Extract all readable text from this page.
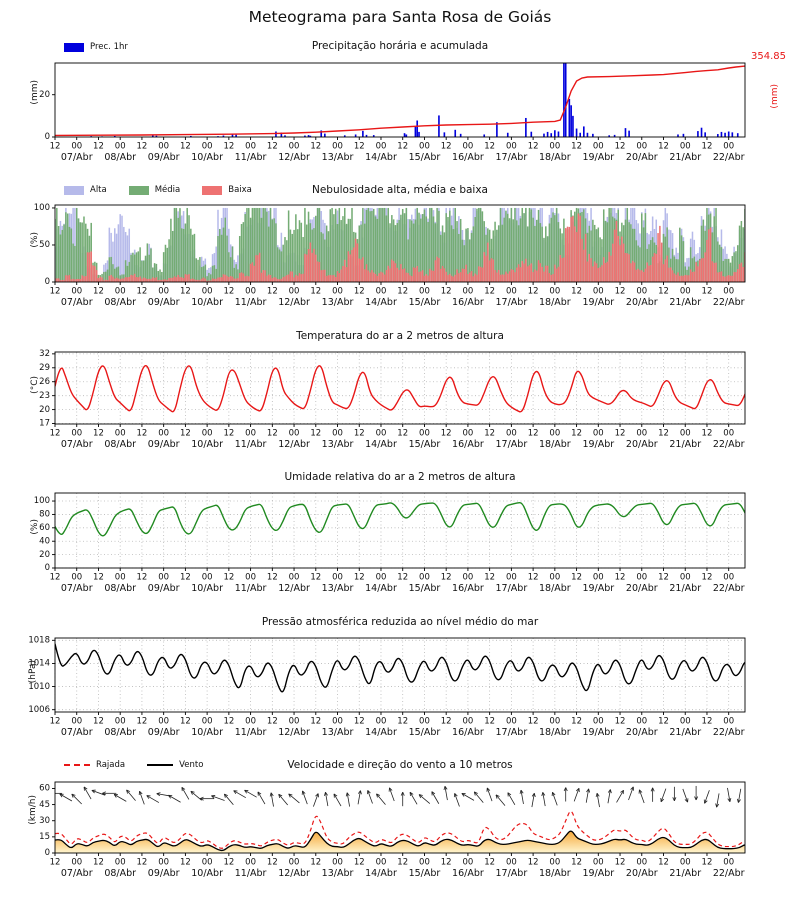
Meteograma para Santa Rosa de Goiás
Prec. 1hr	Precipitação horária e acumulada
(mm)
354.85
(mm)
Alta	Média	Baixa	Nebulosidade alta, média e baixa
(%)
Temperatura do ar a 2 metros de altura
(°C)
Umidade relativa do ar a 2 metros de altura
(%)
Pressão atmosférica reduzida ao nível médio do mar
(hPa)
Rajada	Vento	Velocidade e direção do vento a 10 metros
(km/h)
